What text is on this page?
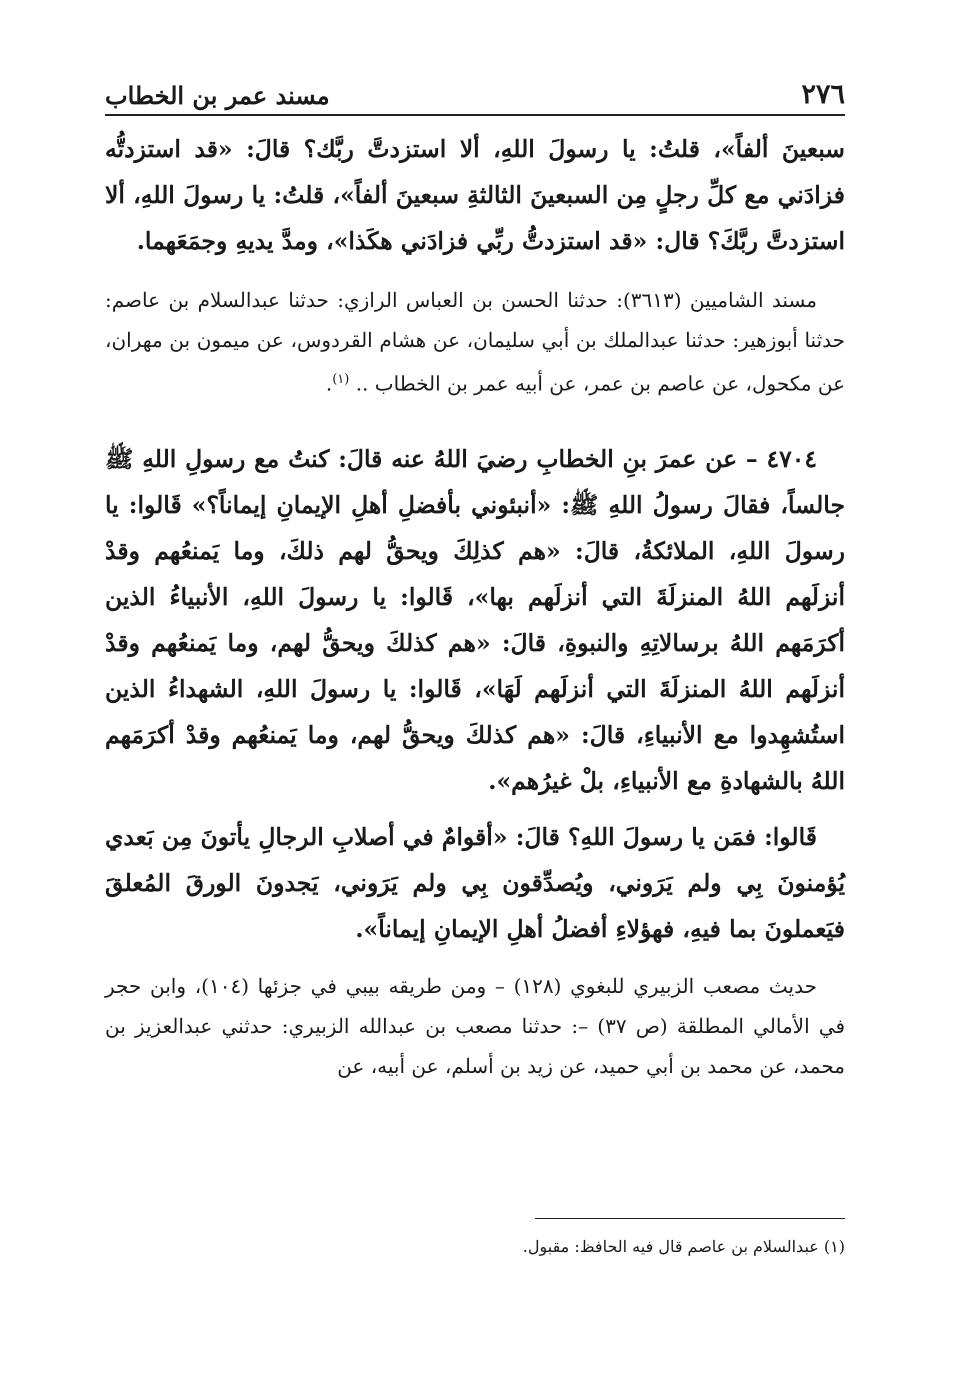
٢٧٦
مسند عمر بن الخطاب

سبعينَ ألفاً»، قلتُ: يا رسولَ اللهِ، ألا استزدتَّ ربَّك؟ قالَ: «قد استزدتُّه فزادَني مع كلِّ رجلٍ مِن السبعينَ الثالثةِ سبعينَ ألفاً»، قلتُ: يا رسولَ اللهِ، ألا استزدتَّ ربَّكَ؟ قال: «قد استزدتُّ ربِّي فزادَني هكَذا»، ومدَّ يديهِ وجمَعَهما.

مسند الشاميين (٣٦١٣): حدثنا الحسن بن العباس الرازي: حدثنا عبدالسلام بن عاصم: حدثنا أبوزهير: حدثنا عبدالملك بن أبي سليمان، عن هشام القردوس، عن ميمون بن مهران، عن مكحول، عن عاصم بن عمر، عن أبيه عمر بن الخطاب .. $^{(١)}$.

٤٧٠٤ – عن عمرَ بنِ الخطابِ رضيَ اللهُ عنه قالَ: كنتُ مع رسولِ اللهِ ﷺ جالساً، فقالَ رسولُ اللهِ ﷺ: «أنبئوني بأفضلِ أهلِ الإيمانِ إيماناً؟» قَالوا: يا رسولَ اللهِ، الملائكةُ، قالَ: «هم كذلِكَ ويحقُّ لهم ذلكَ، وما يَمنعُهم وقدْ أنزلَهم اللهُ المنزلَةَ التي أنزلَهم بها»، قَالوا: يا رسولَ اللهِ، الأنبياءُ الذين أكرَمَهم اللهُ برسالاتِهِ والنبوةِ، قالَ: «هم كذلكَ ويحقُّ لهم، وما يَمنعُهم وقدْ أنزلَهم اللهُ المنزلَةَ التي أنزلَهم لَهَا»، قَالوا: يا رسولَ اللهِ، الشهداءُ الذين استُشهِدوا مع الأنبياءِ، قالَ: «هم كذلكَ ويحقُّ لهم، وما يَمنعُهم وقدْ أكرَمَهم اللهُ بالشهادةِ مع الأنبياءِ، بلْ غيرُهم».

قَالوا: فمَن يا رسولَ اللهِ؟ قالَ: «أقوامٌ في أصلابِ الرجالِ يأتونَ مِن بَعدي يُؤمنونَ بِي ولم يَرَوني، ويُصدِّقون بِي ولم يَرَوني، يَجدونَ الورقَ المُعلقَ فيَعملونَ بما فيهِ، فهؤلاءِ أفضلُ أهلِ الإيمانِ إيماناً».

حديث مصعب الزبيري للبغوي (١٢٨) – ومن طريقه بيبي في جزئها (١٠٤)، وابن حجر في الأمالي المطلقة (ص ٣٧) –: حدثنا مصعب بن عبدالله الزبيري: حدثني عبدالعزيز بن محمد، عن محمد بن أبي حميد، عن زيد بن أسلم، عن أبيه، عن

(١) عبدالسلام بن عاصم قال فيه الحافظ: مقبول.
